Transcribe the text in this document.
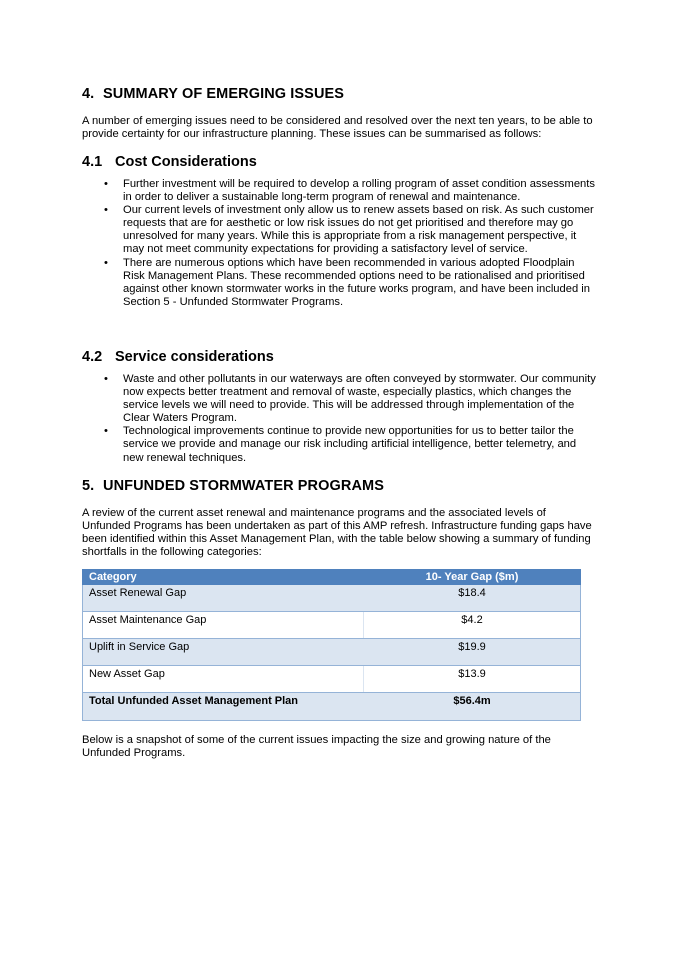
4. SUMMARY OF EMERGING ISSUES
A number of emerging issues need to be considered and resolved over the next ten years, to be able to provide certainty for our infrastructure planning. These issues can be summarised as follows:
4.1 Cost Considerations
• Further investment will be required to develop a rolling program of asset condition assessments in order to deliver a sustainable long-term program of renewal and maintenance.
• Our current levels of investment only allow us to renew assets based on risk. As such customer requests that are for aesthetic or low risk issues do not get prioritised and therefore may go unresolved for many years. While this is appropriate from a risk management perspective, it may not meet community expectations for providing a satisfactory level of service.
• There are numerous options which have been recommended in various adopted Floodplain Risk Management Plans. These recommended options need to be rationalised and prioritised against other known stormwater works in the future works program, and have been included in Section 5 - Unfunded Stormwater Programs.
4.2 Service considerations
• Waste and other pollutants in our waterways are often conveyed by stormwater. Our community now expects better treatment and removal of waste, especially plastics, which changes the service levels we will need to provide. This will be addressed through implementation of the Clear Waters Program.
• Technological improvements continue to provide new opportunities for us to better tailor the service we provide and manage our risk including artificial intelligence, better telemetry, and new renewal techniques.
5. UNFUNDED STORMWATER PROGRAMS
A review of the current asset renewal and maintenance programs and the associated levels of Unfunded Programs has been undertaken as part of this AMP refresh. Infrastructure funding gaps have been identified within this Asset Management Plan, with the table below showing a summary of funding shortfalls in the following categories:
Category	10- Year Gap ($m)
Asset Renewal Gap	$18.4
Asset Maintenance Gap	$4.2
Uplift in Service Gap	$19.9
New Asset Gap	$13.9
Total Unfunded Asset Management Plan	$56.4m
Below is a snapshot of some of the current issues impacting the size and growing nature of the Unfunded Programs.
